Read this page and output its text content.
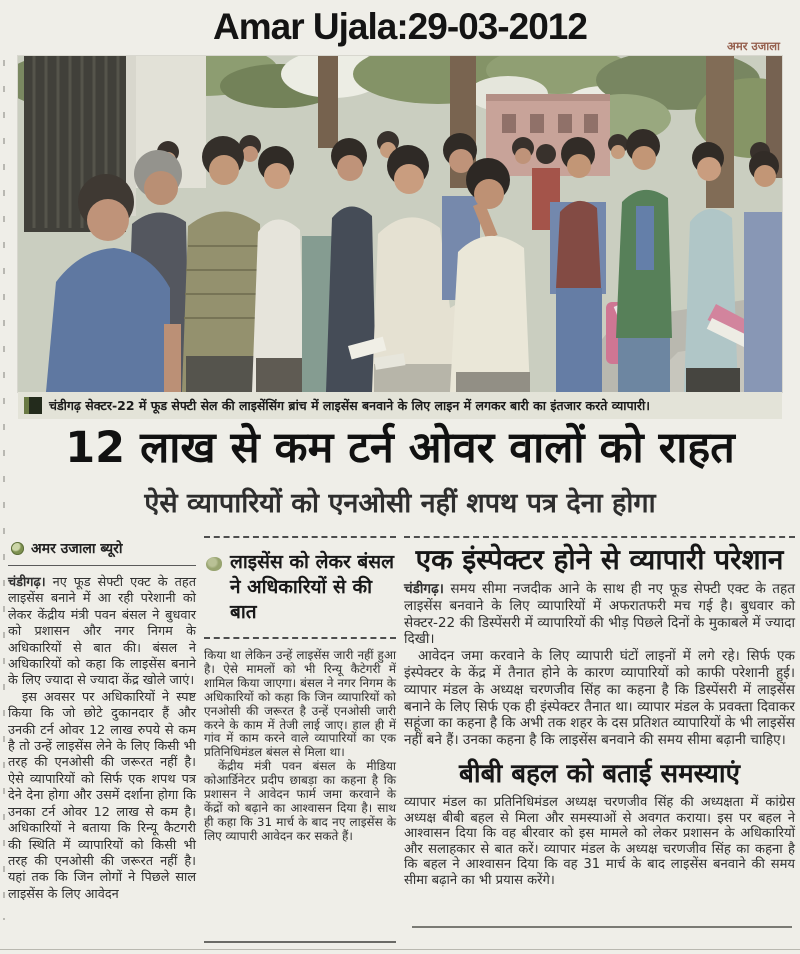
Amar Ujala:29-03-2012	अमर उजाला
चंडीगढ़ सेक्टर-22 में फूड सेफ्टी सेल की लाइसेंसिंग ब्रांच में लाइसेंस बनवाने के लिए लाइन में लगकर बारी का इंतजार करते व्यापारी।
12 लाख से कम टर्न ओवर वालों को राहत
ऐसे व्यापारियों को एनओसी नहीं शपथ पत्र देना होगा
अमर उजाला ब्यूरो

चंडीगढ़। नए फूड सेफ्टी एक्ट के तहत लाइसेंस बनाने में आ रही परेशानी को लेकर केंद्रीय मंत्री पवन बंसल ने बुधवार को प्रशासन और नगर निगम के अधिकारियों से बात की। बंसल ने अधिकारियों को कहा कि लाइसेंस बनाने के लिए ज्यादा से ज्यादा केंद्र खोले जाएं।

इस अवसर पर अधिकारियों ने स्पष्ट किया कि जो छोटे दुकानदार हैं और उनकी टर्न ओवर 12 लाख रुपये से कम है तो उन्हें लाइसेंस लेने के लिए किसी भी तरह की एनओसी की जरूरत नहीं है। ऐसे व्यापारियों को सिर्फ एक शपथ पत्र देने देना होगा और उसमें दर्शाना होगा कि उनका टर्न ओवर 12 लाख से कम है। अधिकारियों ने बताया कि रिन्यू कैटगरी की स्थिति में व्यापारियों को किसी भी तरह की एनओसी की जरूरत नहीं है। यहां तक कि जिन लोगों ने पिछले साल लाइसेंस के लिए आवेदन

लाइसेंस को लेकर बंसल ने अधिकारियों से की बात

किया था लेकिन उन्हें लाइसेंस जारी नहीं हुआ है। ऐसे मामलों को भी रिन्यू कैटेगरी में शामिल किया जाएगा। बंसल ने नगर निगम के अधिकारियों को कहा कि जिन व्यापारियों को एनओसी की जरूरत है उन्हें एनओसी जारी करने के काम में तेजी लाई जाए। हाल ही में गांव में काम करने वाले व्यापारियों का एक प्रतिनिधिमंडल बंसल से मिला था।

केंद्रीय मंत्री पवन बंसल के मीडिया कोआर्डिनेटर प्रदीप छाबड़ा का कहना है कि प्रशासन ने आवेदन फार्म जमा करवाने के केंद्रों को बढ़ाने का आश्वासन दिया है। साथ ही कहा कि 31 मार्च के बाद नए लाइसेंस के लिए व्यापारी आवेदन कर सकते हैं।

एक इंस्पेक्टर होने से व्यापारी परेशान

चंडीगढ़। समय सीमा नजदीक आने के साथ ही नए फूड सेफ्टी एक्ट के तहत लाइसेंस बनवाने के लिए व्यापारियों में अफरातफरी मच गई है। बुधवार को सेक्टर-22 की डिस्पेंसरी में व्यापारियों की भीड़ पिछले दिनों के मुकाबले में ज्यादा दिखी।

आवेदन जमा करवाने के लिए व्यापारी घंटों लाइनों में लगे रहे। सिर्फ एक इंस्पेक्टर के केंद्र में तैनात होने के कारण व्यापारियों को काफी परेशानी हुई। व्यापार मंडल के अध्यक्ष चरणजीव सिंह का कहना है कि डिस्पेंसरी में लाइसेंस बनाने के लिए सिर्फ एक ही इंस्पेक्टर तैनात था। व्यापार मंडल के प्रवक्ता दिवाकर सहूंजा का कहना है कि अभी तक शहर के दस प्रतिशत व्यापारियों के भी लाइसेंस नहीं बने हैं। उनका कहना है कि लाइसेंस बनवाने की समय सीमा बढ़ानी चाहिए।

बीबी बहल को बताई समस्याएं

व्यापार मंडल का प्रतिनिधिमंडल अध्यक्ष चरणजीव सिंह की अध्यक्षता में कांग्रेस अध्यक्ष बीबी बहल से मिला और समस्याओं से अवगत कराया। इस पर बहल ने आश्वासन दिया कि वह बीरवार को इस मामले को लेकर प्रशासन के अधिकारियों और सलाहकार से बात करें। व्यापार मंडल के अध्यक्ष चरणजीव सिंह का कहना है कि बहल ने आश्वासन दिया कि वह 31 मार्च के बाद लाइसेंस बनवाने की समय सीमा बढ़ाने का भी प्रयास करेंगे।
